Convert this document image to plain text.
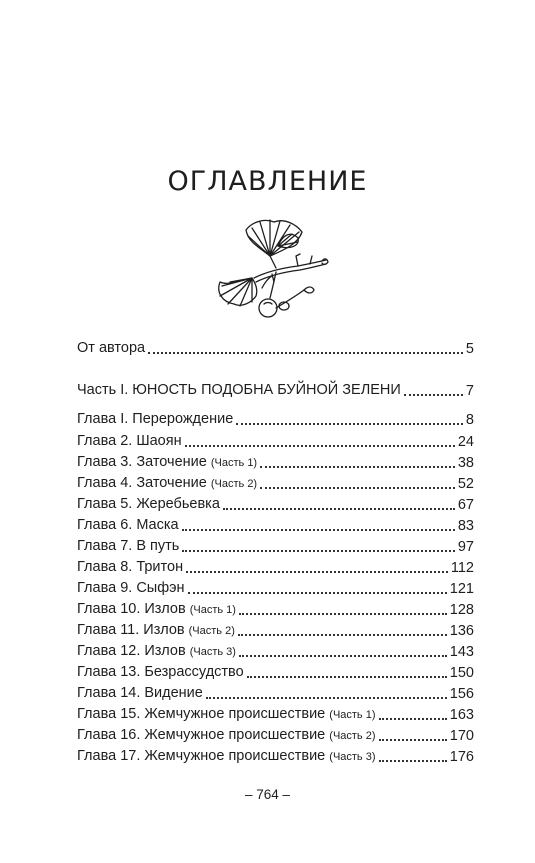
ОГЛАВЛЕНИЕ
От автора	5
Часть I. ЮНОСТЬ ПОДОБНА БУЙНОЙ ЗЕЛЕНИ	7
Глава I. Перерождение	8
Глава 2. Шаоян	24
Глава 3. Заточение (Часть 1)	38
Глава 4. Заточение (Часть 2)	52
Глава 5. Жеребьевка	67
Глава 6. Маска	83
Глава 7. В путь	97
Глава 8. Тритон	112
Глава 9. Сыфэн	121
Глава 10. Излов (Часть 1)	128
Глава 11. Излов (Часть 2)	136
Глава 12. Излов (Часть 3)	143
Глава 13. Безрассудство	150
Глава 14. Видение	156
Глава 15. Жемчужное происшествие (Часть 1)	163
Глава 16. Жемчужное происшествие (Часть 2)	170
Глава 17. Жемчужное происшествие (Часть 3)	176
– 764 –
